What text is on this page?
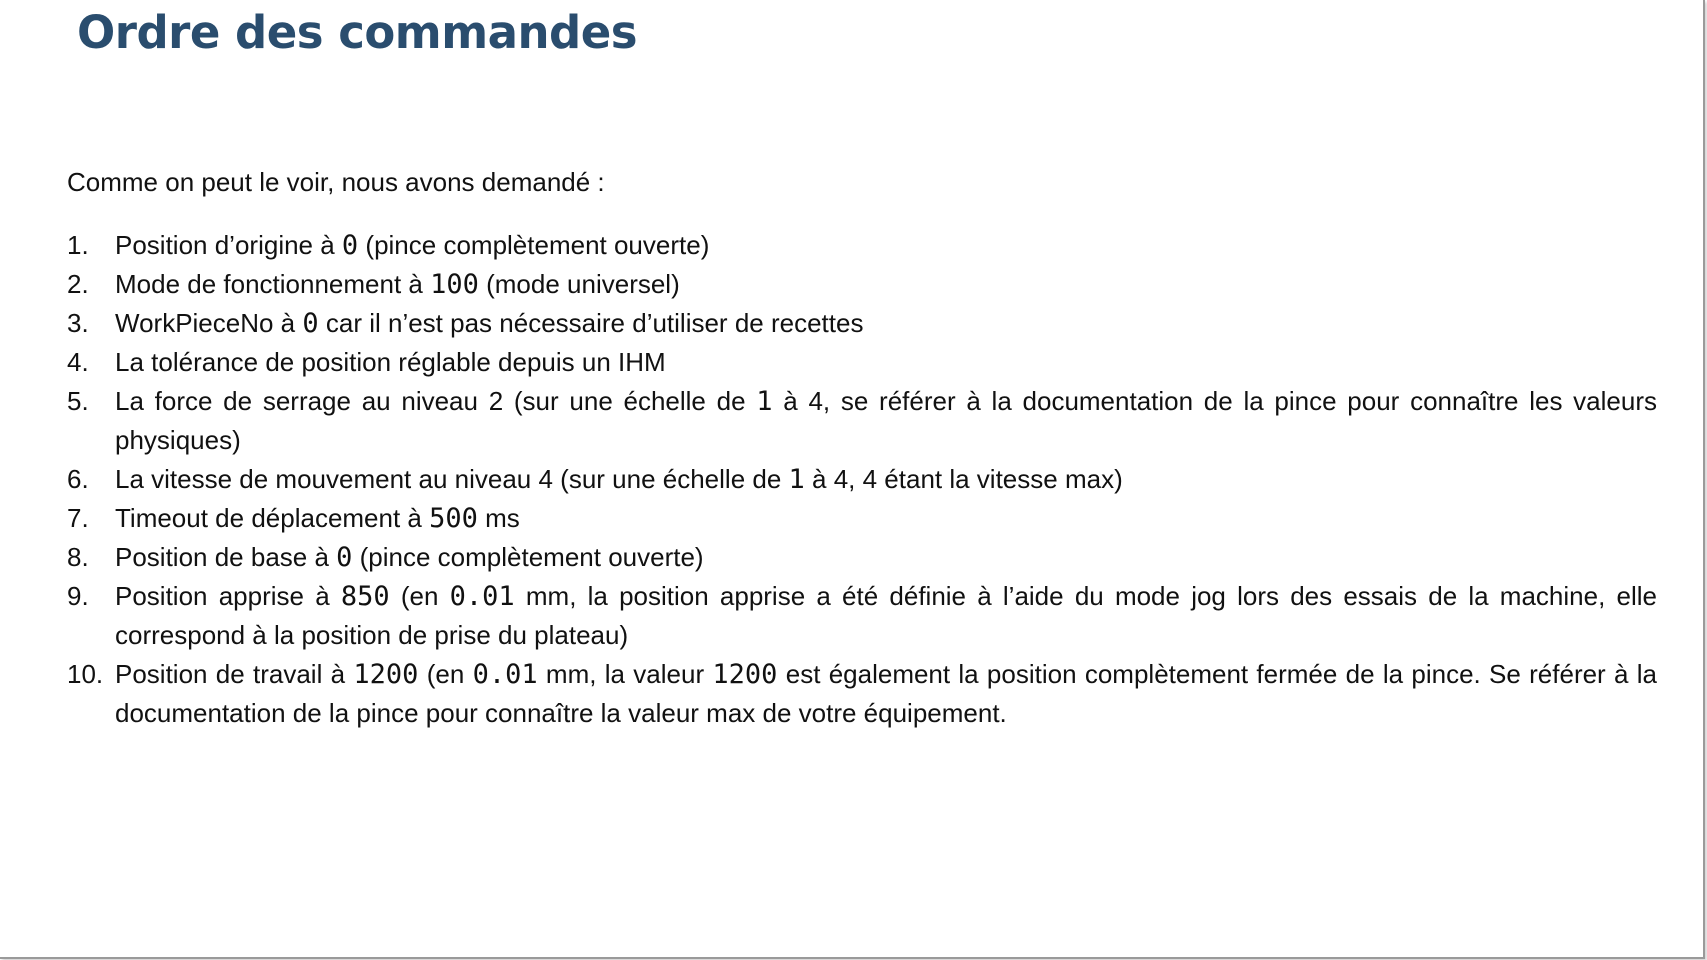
Ordre des commandes

Comme on peut le voir, nous avons demandé :

1.	Position d’origine à 0 (pince complètement ouverte)
2.	Mode de fonctionnement à 100 (mode universel)
3.	WorkPieceNo à 0 car il n’est pas nécessaire d’utiliser de recettes
4.	La tolérance de position réglable depuis un IHM
5.	La force de serrage au niveau 2 (sur une échelle de 1 à 4, se référer à la documentation de la pince pour connaître les valeurs physiques)
6.	La vitesse de mouvement au niveau 4 (sur une échelle de 1 à 4, 4 étant la vitesse max)
7.	Timeout de déplacement à 500 ms
8.	Position de base à 0 (pince complètement ouverte)
9.	Position apprise à 850 (en 0.01 mm, la position apprise a été définie à l’aide du mode jog lors des essais de la machine, elle correspond à la position de prise du plateau)
10. Position de travail à 1200 (en 0.01 mm, la valeur 1200 est également la position complètement fermée de la pince. Se référer à la documentation de la pince pour connaître la valeur max de votre équipement.
